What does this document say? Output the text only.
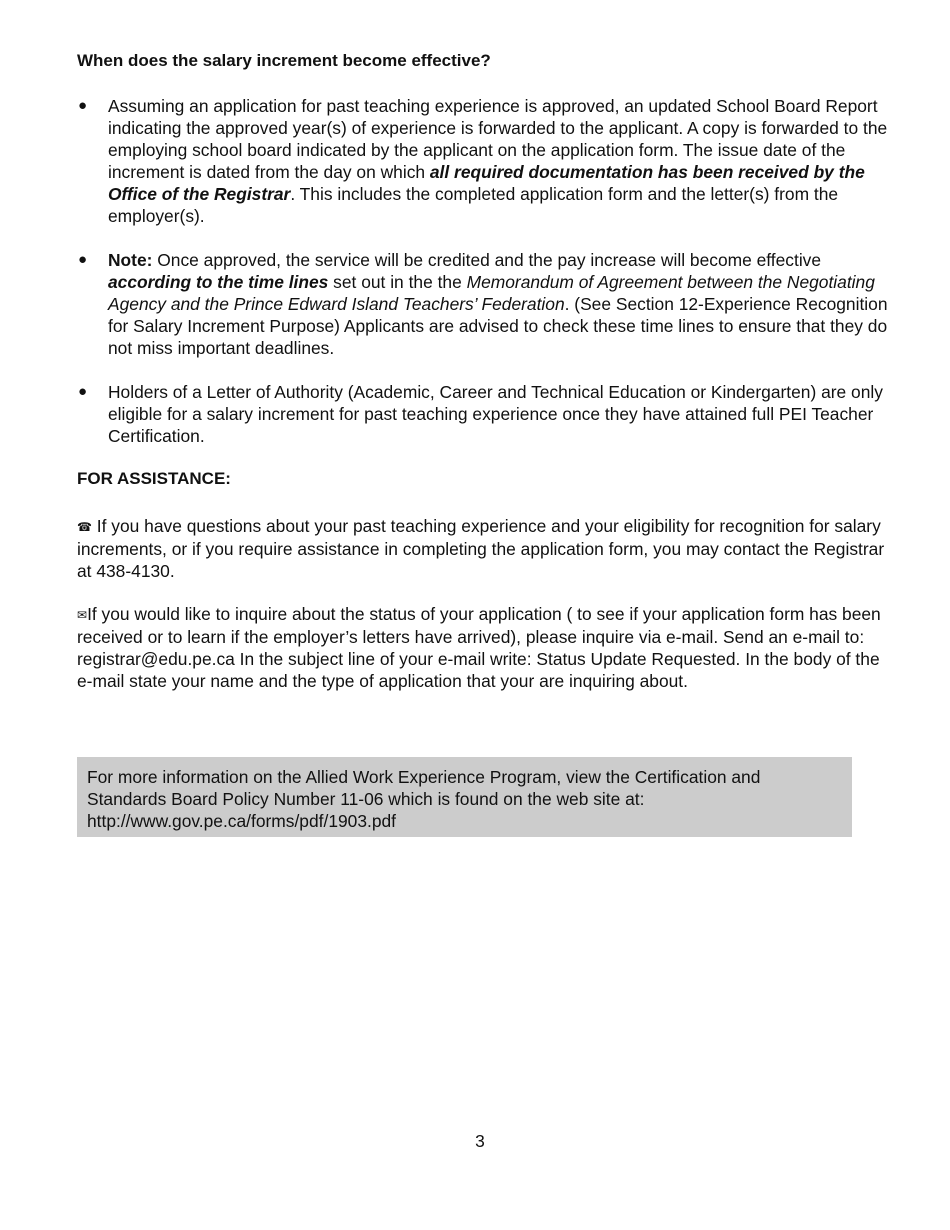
When does the salary increment become effective?
● Assuming an application for past teaching experience is approved, an updated School Board Report indicating the approved year(s) of experience is forwarded to the applicant. A copy is forwarded to the employing school board indicated by the applicant on the application form. The issue date of the increment is dated from the day on which all required documentation has been received by the Office of the Registrar. This includes the completed application form and the letter(s) from the employer(s).
● Note: Once approved, the service will be credited and the pay increase will become effective according to the time lines set out in the the Memorandum of Agreement between the Negotiating Agency and the Prince Edward Island Teachers’ Federation. (See Section 12-Experience Recognition for Salary Increment Purpose) Applicants are advised to check these time lines to ensure that they do not miss important deadlines.
● Holders of a Letter of Authority (Academic, Career and Technical Education or Kindergarten) are only eligible for a salary increment for past teaching experience once they have attained full PEI Teacher Certification.
FOR ASSISTANCE:

☎ If you have questions about your past teaching experience and your eligibility for recognition for salary increments, or if you require assistance in completing the application form, you may contact the Registrar at 438-4130.

✉If you would like to inquire about the status of your application ( to see if your application form has been received or to learn if the employer’s letters have arrived), please inquire via e-mail. Send an e-mail to: registrar@edu.pe.ca In the subject line of your e-mail write: Status Update Requested. In the body of the e-mail state your name and the type of application that your are inquiring about.

For more information on the Allied Work Experience Program, view the Certification and Standards Board Policy Number 11-06 which is found on the web site at:
http://www.gov.pe.ca/forms/pdf/1903.pdf
3
